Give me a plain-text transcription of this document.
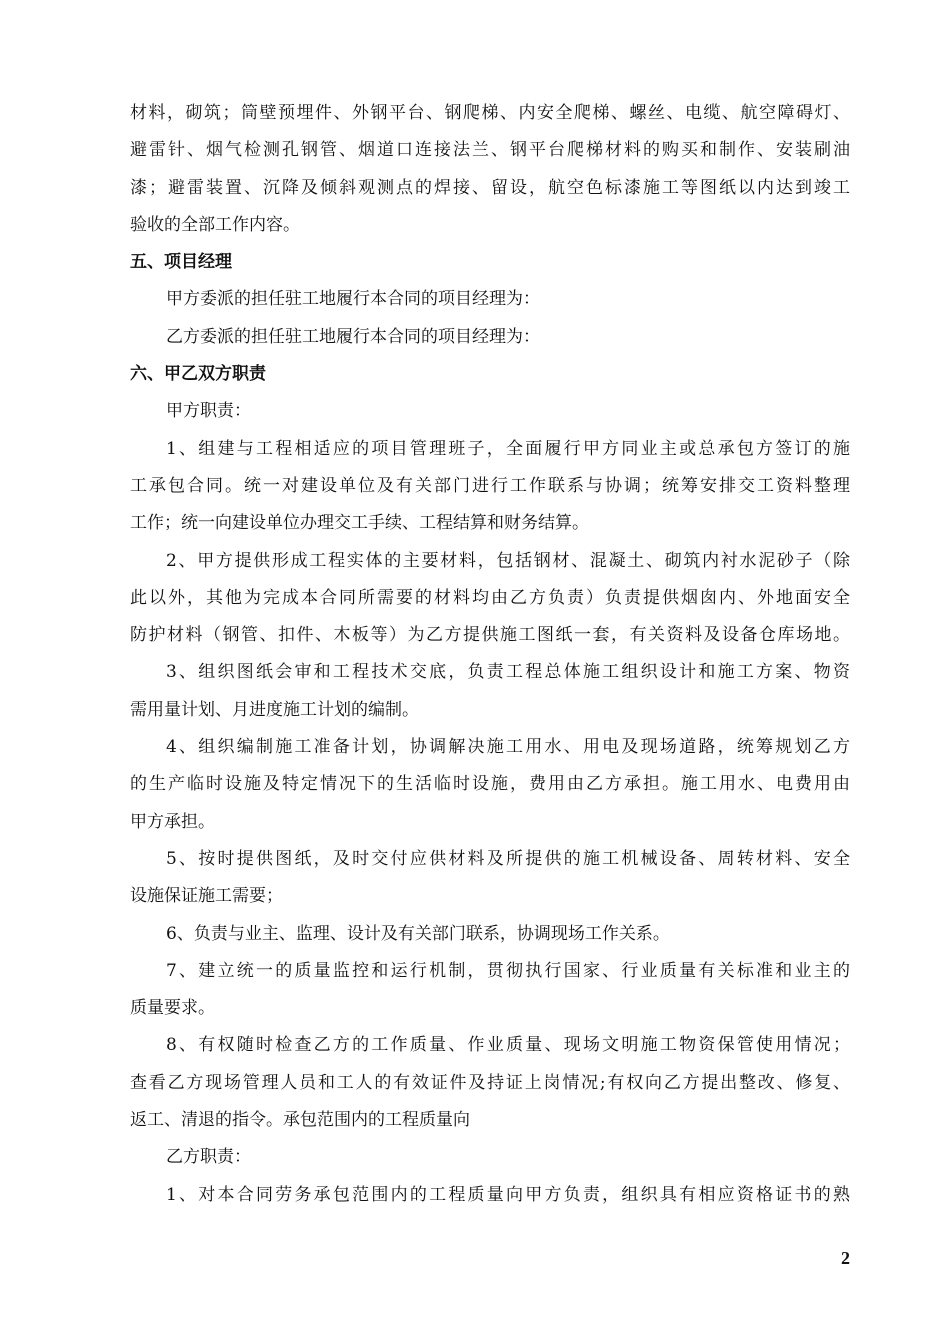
材料，砌筑；筒壁预埋件、外钢平台、钢爬梯、内安全爬梯、螺丝、电缆、航空障碍灯、
避雷针、烟气检测孔钢管、烟道口连接法兰、钢平台爬梯材料的购买和制作、安装刷油
漆；避雷装置、沉降及倾斜观测点的焊接、留设，航空色标漆施工等图纸以内达到竣工
验收的全部工作内容。
五、项目经理
甲方委派的担任驻工地履行本合同的项目经理为：
乙方委派的担任驻工地履行本合同的项目经理为：
六、甲乙双方职责
甲方职责：
1、组建与工程相适应的项目管理班子，全面履行甲方同业主或总承包方签订的施
工承包合同。统一对建设单位及有关部门进行工作联系与协调；统筹安排交工资料整理
工作；统一向建设单位办理交工手续、工程结算和财务结算。
2、甲方提供形成工程实体的主要材料，包括钢材、混凝土、砌筑内衬水泥砂子（除
此以外，其他为完成本合同所需要的材料均由乙方负责）负责提供烟囱内、外地面安全
防护材料（钢管、扣件、木板等）为乙方提供施工图纸一套，有关资料及设备仓库场地。
3、组织图纸会审和工程技术交底，负责工程总体施工组织设计和施工方案、物资
需用量计划、月进度施工计划的编制。
4、组织编制施工准备计划，协调解决施工用水、用电及现场道路，统筹规划乙方
的生产临时设施及特定情况下的生活临时设施，费用由乙方承担。施工用水、电费用由
甲方承担。
5、按时提供图纸，及时交付应供材料及所提供的施工机械设备、周转材料、安全
设施保证施工需要；
6、负责与业主、监理、设计及有关部门联系，协调现场工作关系。
7、建立统一的质量监控和运行机制，贯彻执行国家、行业质量有关标准和业主的
质量要求。
8、有权随时检查乙方的工作质量、作业质量、现场文明施工物资保管使用情况；
查看乙方现场管理人员和工人的有效证件及持证上岗情况;有权向乙方提出整改、修复、
返工、清退的指令。承包范围内的工程质量向
乙方职责：
1、对本合同劳务承包范围内的工程质量向甲方负责，组织具有相应资格证书的熟
2
